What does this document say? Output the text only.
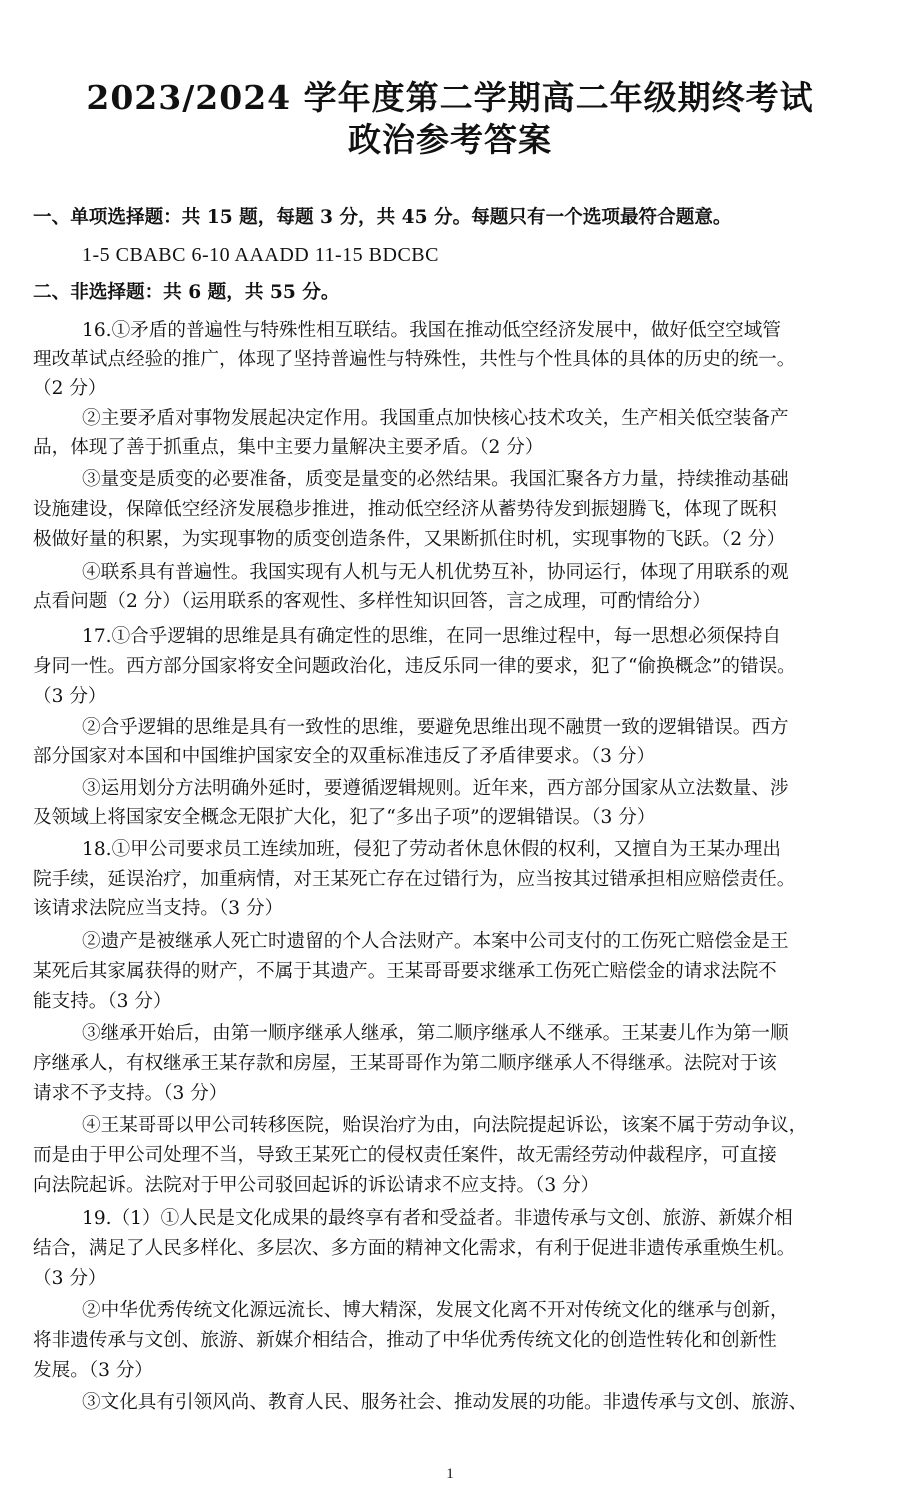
2023/2024 学年度第二学期高二年级期终考试
政治参考答案
一、单项选择题：共 15 题，每题 3 分，共 45 分。每题只有一个选项最符合题意。
1-5 CBABC 6-10 AAADD 11-15 BDCBC
二、非选择题：共 6 题，共 55 分。
16.①矛盾的普遍性与特殊性相互联结。我国在推动低空经济发展中，做好低空空域管
理改革试点经验的推广，体现了坚持普遍性与特殊性，共性与个性具体的具体的历史的统一。
（2 分）
②主要矛盾对事物发展起决定作用。我国重点加快核心技术攻关，生产相关低空装备产
品，体现了善于抓重点，集中主要力量解决主要矛盾。（2 分）
③量变是质变的必要准备，质变是量变的必然结果。我国汇聚各方力量，持续推动基础
设施建设，保障低空经济发展稳步推进，推动低空经济从蓄势待发到振翅腾飞，体现了既积
极做好量的积累，为实现事物的质变创造条件，又果断抓住时机，实现事物的飞跃。（2 分）
④联系具有普遍性。我国实现有人机与无人机优势互补，协同运行，体现了用联系的观
点看问题（2 分）（运用联系的客观性、多样性知识回答，言之成理，可酌情给分）
17.①合乎逻辑的思维是具有确定性的思维，在同一思维过程中，每一思想必须保持自
身同一性。西方部分国家将安全问题政治化，违反乐同一律的要求，犯了“偷换概念”的错误。
（3 分）
②合乎逻辑的思维是具有一致性的思维，要避免思维出现不融贯一致的逻辑错误。西方
部分国家对本国和中国维护国家安全的双重标准违反了矛盾律要求。（3 分）
③运用划分方法明确外延时，要遵循逻辑规则。近年来，西方部分国家从立法数量、涉
及领域上将国家安全概念无限扩大化，犯了“多出子项”的逻辑错误。（3 分）
18.①甲公司要求员工连续加班，侵犯了劳动者休息休假的权利，又擅自为王某办理出
院手续，延误治疗，加重病情，对王某死亡存在过错行为，应当按其过错承担相应赔偿责任。
该请求法院应当支持。（3 分）
②遗产是被继承人死亡时遗留的个人合法财产。本案中公司支付的工伤死亡赔偿金是王
某死后其家属获得的财产，不属于其遗产。王某哥哥要求继承工伤死亡赔偿金的请求法院不
能支持。（3 分）
③继承开始后，由第一顺序继承人继承，第二顺序继承人不继承。王某妻儿作为第一顺
序继承人，有权继承王某存款和房屋，王某哥哥作为第二顺序继承人不得继承。法院对于该
请求不予支持。（3 分）
④王某哥哥以甲公司转移医院，贻误治疗为由，向法院提起诉讼，该案不属于劳动争议，
而是由于甲公司处理不当，导致王某死亡的侵权责任案件，故无需经劳动仲裁程序，可直接
向法院起诉。法院对于甲公司驳回起诉的诉讼请求不应支持。（3 分）
19.（1）①人民是文化成果的最终享有者和受益者。非遗传承与文创、旅游、新媒介相
结合，满足了人民多样化、多层次、多方面的精神文化需求，有利于促进非遗传承重焕生机。
（3 分）
②中华优秀传统文化源远流长、博大精深，发展文化离不开对传统文化的继承与创新，
将非遗传承与文创、旅游、新媒介相结合，推动了中华优秀传统文化的创造性转化和创新性
发展。（3 分）
③文化具有引领风尚、教育人民、服务社会、推动发展的功能。非遗传承与文创、旅游、
1
